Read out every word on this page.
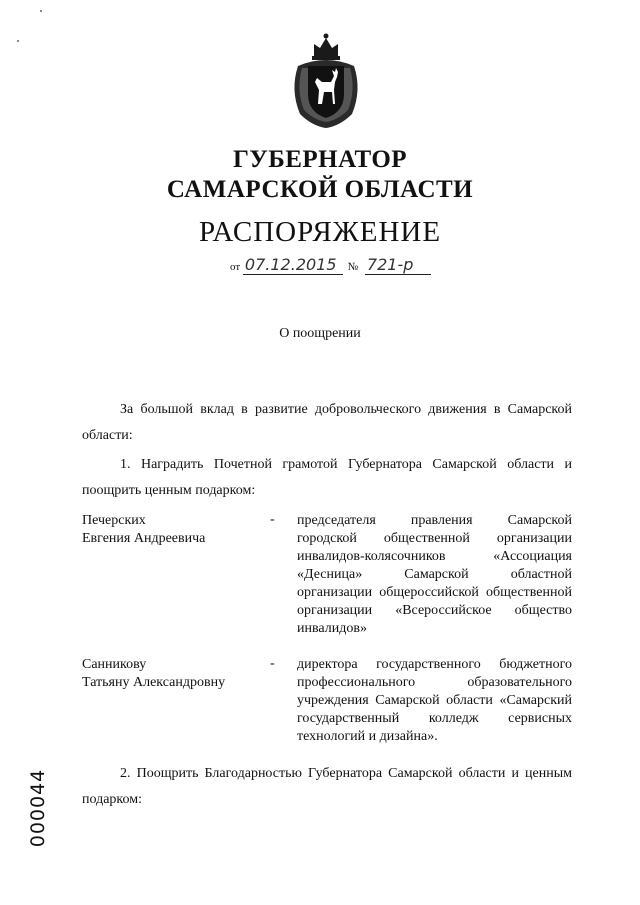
ГУБЕРНАТОР
САМАРСКОЙ ОБЛАСТИ
РАСПОРЯЖЕНИЕ
от 07.12.2015 № 721-р
О поощрении
За большой вклад в развитие добровольческого движения в Самарской области:
1. Наградить Почетной грамотой Губернатора Самарской области и поощрить ценным подарком:
Печерских
Евгения Андреевича
- председателя правления Самарской городской общественной организации инвалидов-колясочников «Ассоциация «Десница» Самарской областной организации общероссийской общественной организации «Всероссийское общество инвалидов»
Санникову
Татьяну Александровну
- директора государственного бюджетного профессионального образовательного учреждения Самарской области «Самарский государственный колледж сервисных технологий и дизайна».
2. Поощрить Благодарностью Губернатора Самарской области и ценным подарком:
000044
